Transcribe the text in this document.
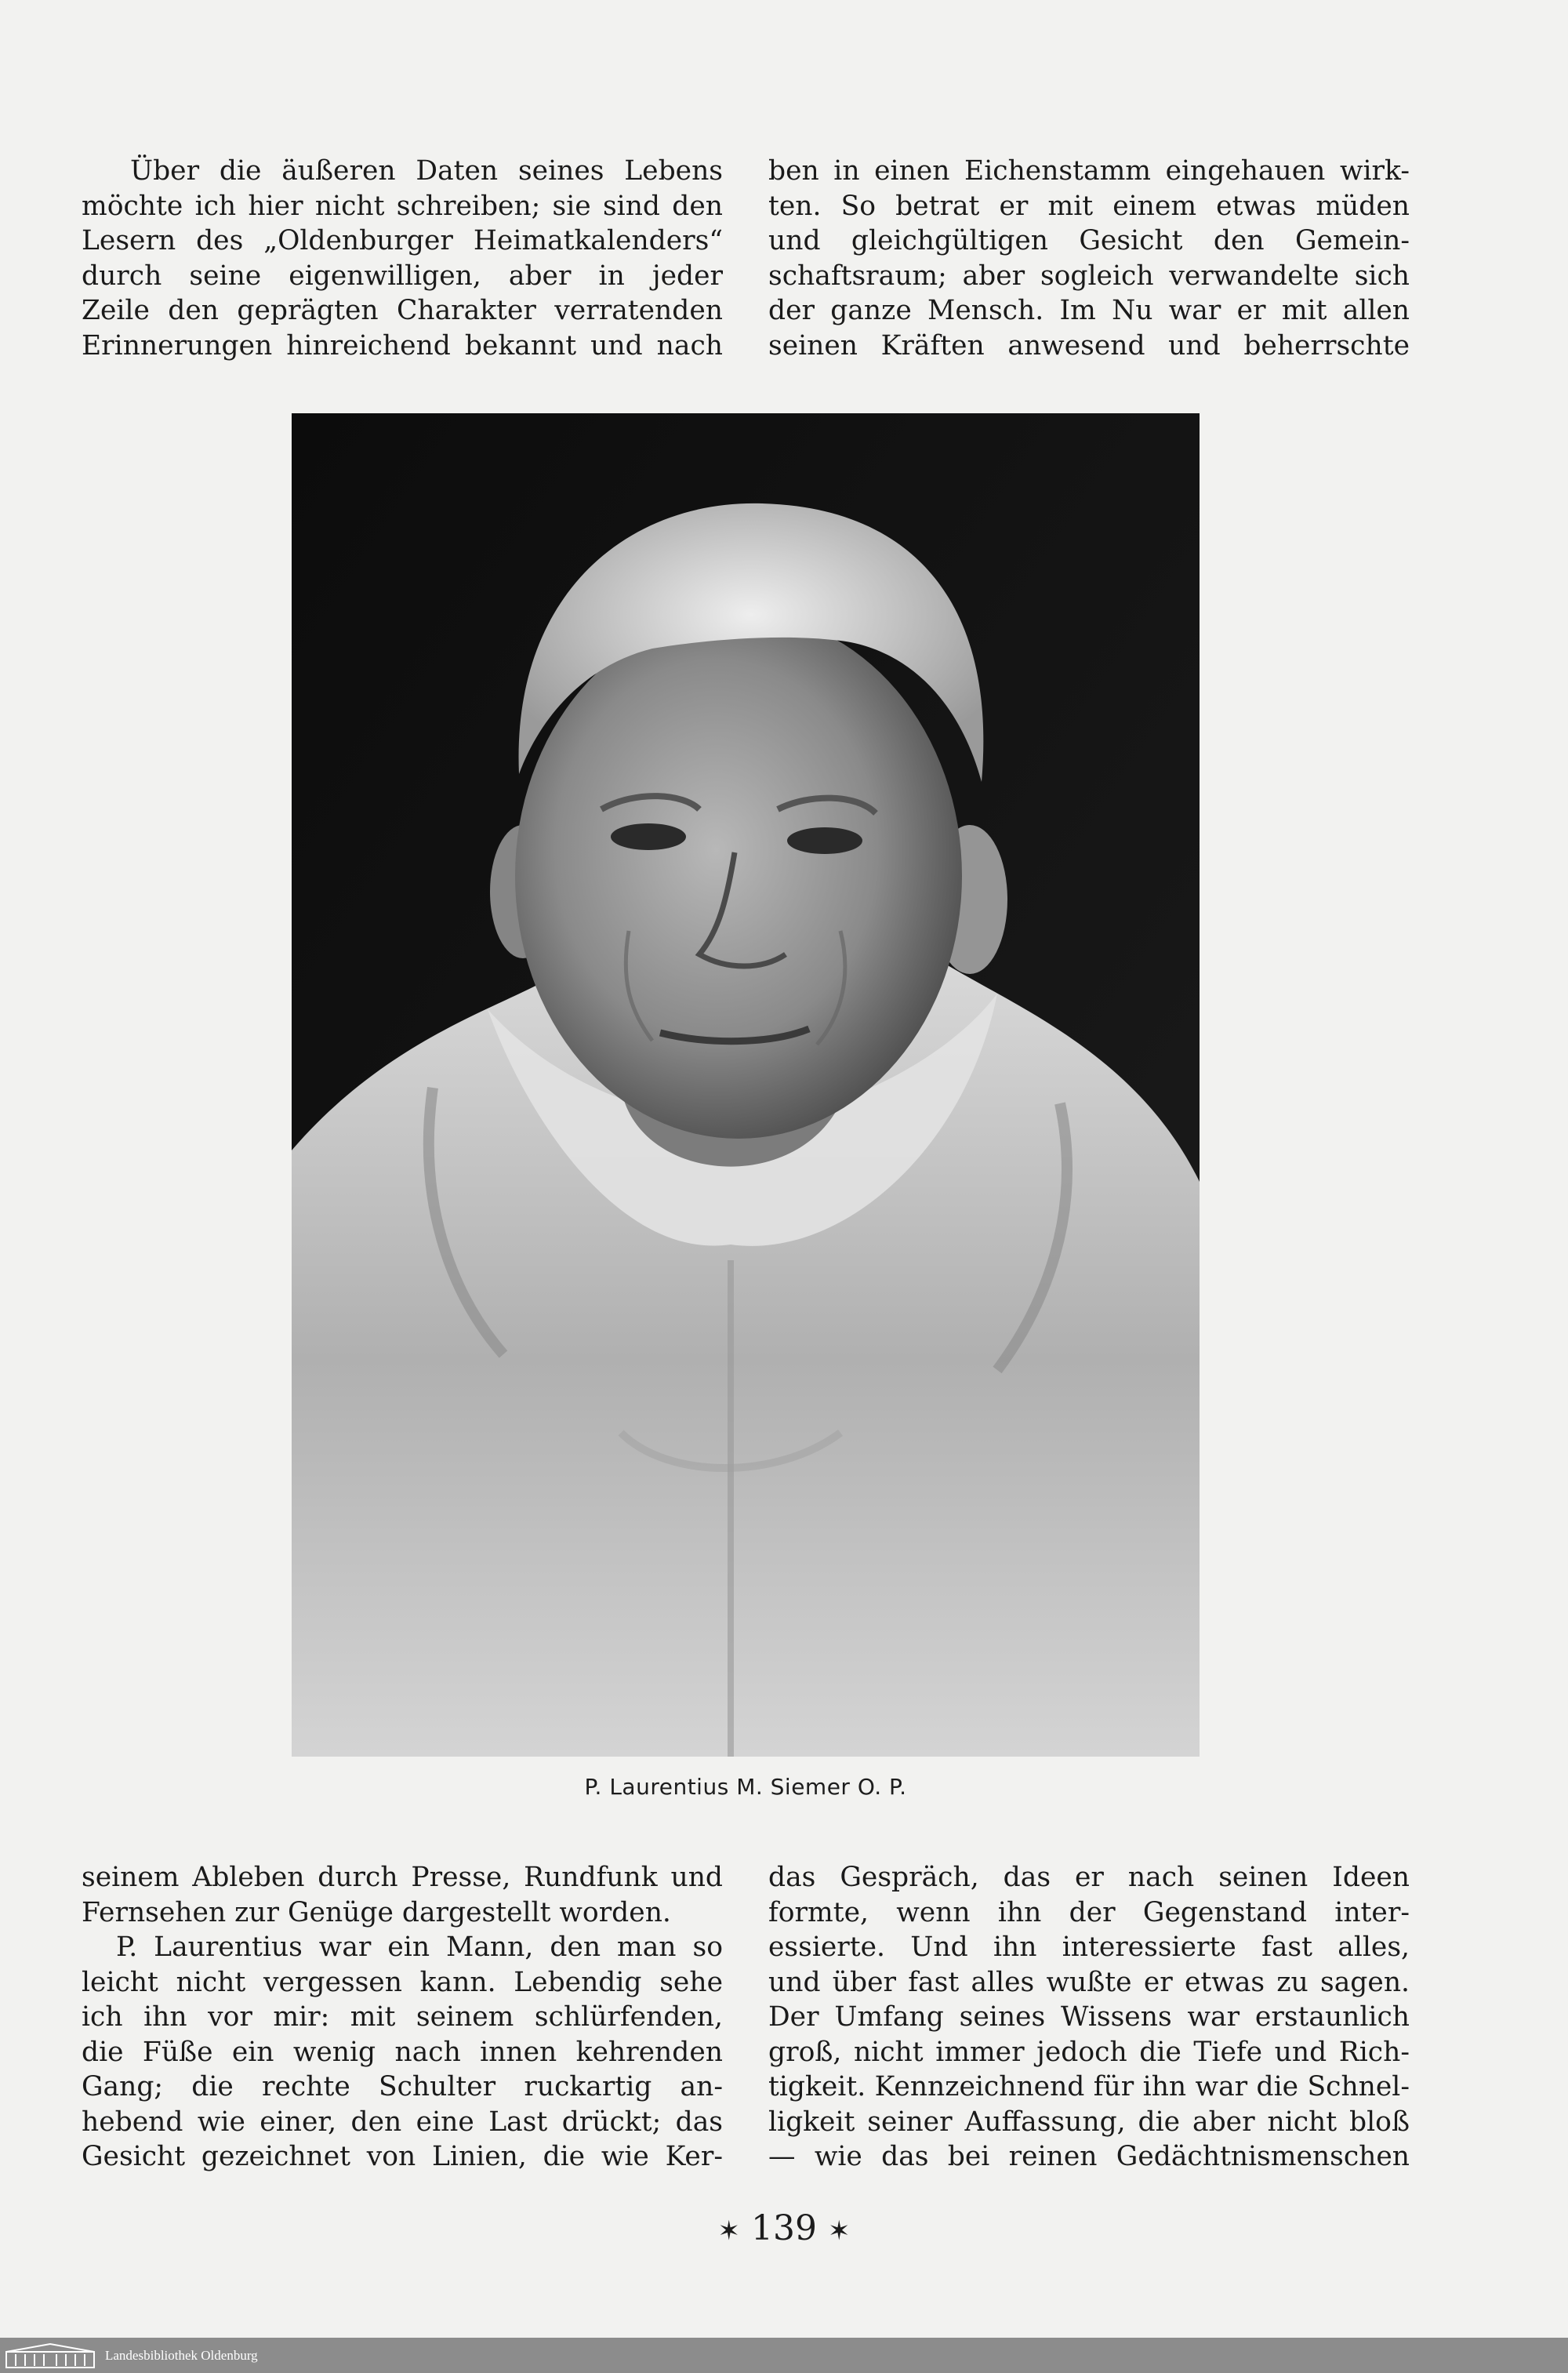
Über die äußeren Daten seines Lebens
möchte ich hier nicht schreiben; sie sind den
Lesern des „Oldenburger Heimatkalenders“
durch seine eigenwilligen, aber in jeder
Zeile den geprägten Charakter verratenden
Erinnerungen hinreichend bekannt und nach
ben in einen Eichenstamm eingehauen wirk-
ten. So betrat er mit einem etwas müden
und gleichgültigen Gesicht den Gemein-
schaftsraum; aber sogleich verwandelte sich
der ganze Mensch. Im Nu war er mit allen
seinen Kräften anwesend und beherrschte
P. Laurentius M. Siemer O. P.
seinem Ableben durch Presse, Rundfunk und
Fernsehen zur Genüge dargestellt worden.
P. Laurentius war ein Mann, den man so
leicht nicht vergessen kann. Lebendig sehe
ich ihn vor mir: mit seinem schlürfenden,
die Füße ein wenig nach innen kehrenden
Gang; die rechte Schulter ruckartig an-
hebend wie einer, den eine Last drückt; das
Gesicht gezeichnet von Linien, die wie Ker-
das Gespräch, das er nach seinen Ideen
formte, wenn ihn der Gegenstand inter-
essierte. Und ihn interessierte fast alles,
und über fast alles wußte er etwas zu sagen.
Der Umfang seines Wissens war erstaunlich
groß, nicht immer jedoch die Tiefe und Rich-
tigkeit. Kennzeichnend für ihn war die Schnel-
ligkeit seiner Auffassung, die aber nicht bloß
— wie das bei reinen Gedächtnismenschen
✶ 139 ✶
Landesbibliothek Oldenburg
